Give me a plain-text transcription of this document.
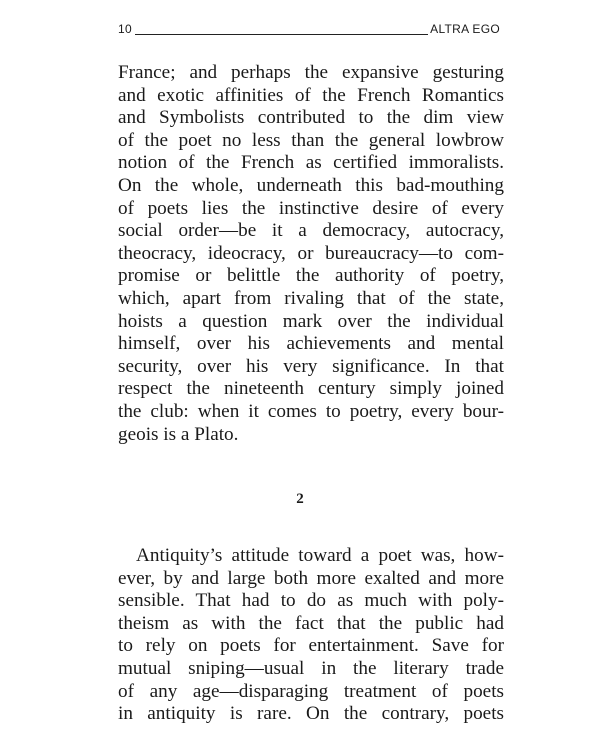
10	ALTRA EGO
France; and perhaps the expansive gesturing
and exotic affinities of the French Romantics
and Symbolists contributed to the dim view
of the poet no less than the general lowbrow
notion of the French as certified immoralists.
On the whole, underneath this bad-mouthing
of poets lies the instinctive desire of every
social order—be it a democracy, autocracy,
theocracy, ideocracy, or bureaucracy—to com-
promise or belittle the authority of poetry,
which, apart from rivaling that of the state,
hoists a question mark over the individual
himself, over his achievements and mental
security, over his very significance. In that
respect the nineteenth century simply joined
the club: when it comes to poetry, every bour-
geois is a Plato.
2
Antiquity’s attitude toward a poet was, how-
ever, by and large both more exalted and more
sensible. That had to do as much with poly-
theism as with the fact that the public had
to rely on poets for entertainment. Save for
mutual sniping—usual in the literary trade
of any age—disparaging treatment of poets
in antiquity is rare. On the contrary, poets
